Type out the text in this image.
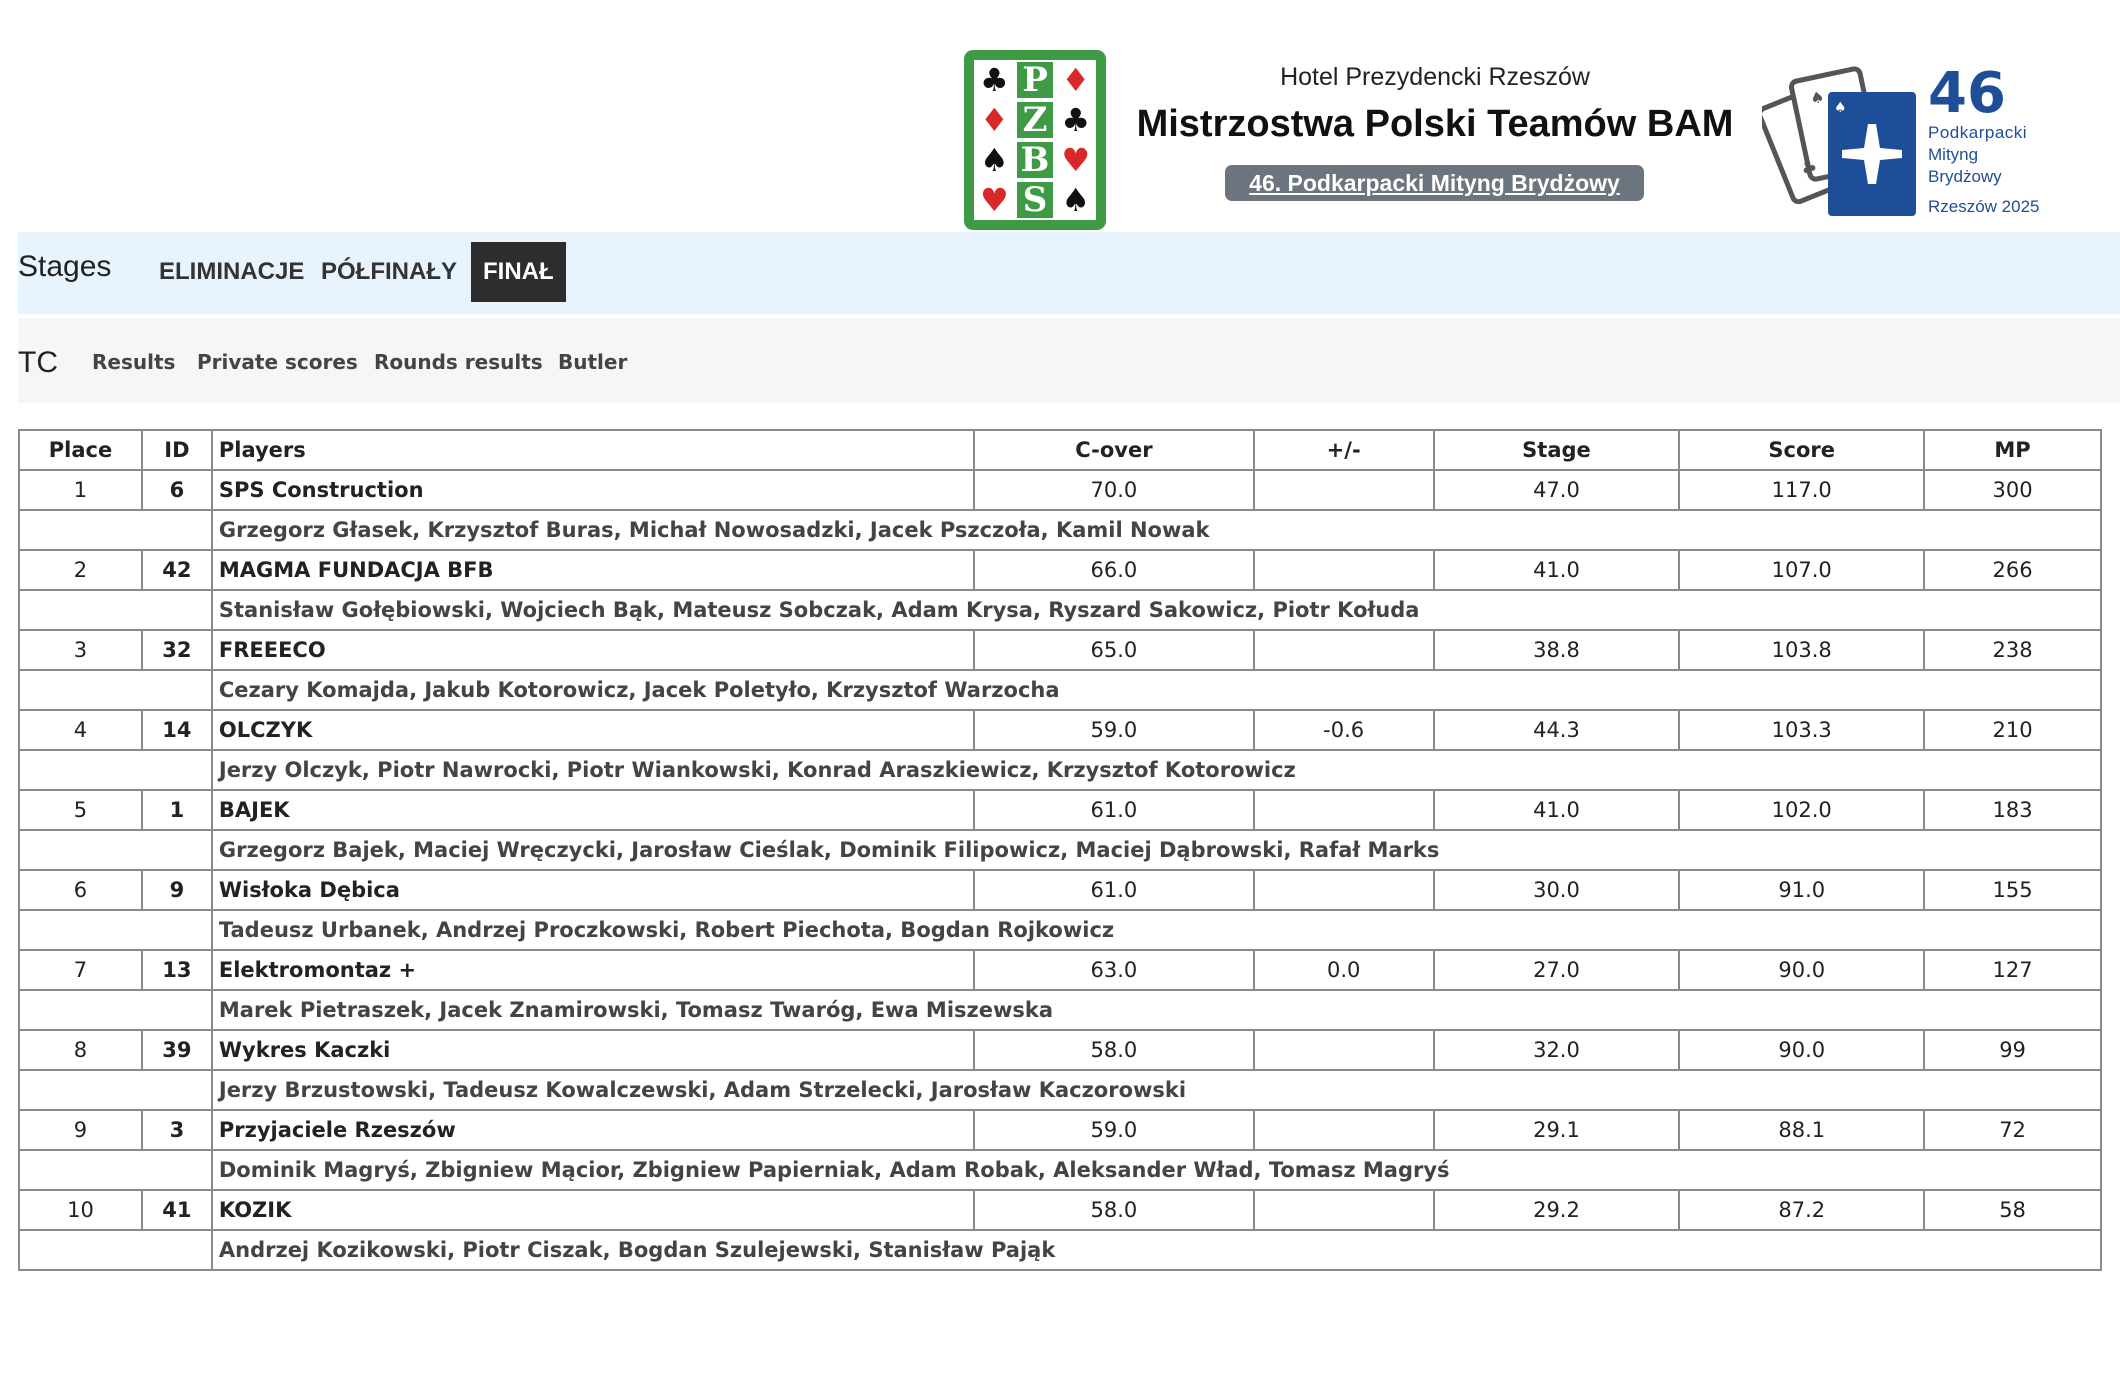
♣ P ♦
♦ Z ♣
♠ B ♥
♥ S ♠
Hotel Prezydencki Rzeszów
Mistrzostwa Polski Teamów BAM
46. Podkarpacki Mityng Brydżowy
♣
♠ ♠ 46
Podkarpacki
Mityng
Brydżowy
Rzeszów 2025
Stages	ELIMINACJE PÓŁFINAŁY	FINAŁ
TC Results Private scores Rounds results Butler
Place	ID	Players	C-over	+/-	Stage	Score	MP
1	6	SPS Construction	70.0		47.0	117.0	300
		Grzegorz Głasek, Krzysztof Buras, Michał Nowosadzki, Jacek Pszczoła, Kamil Nowak					
2	42	MAGMA FUNDACJA BFB	66.0		41.0	107.0	266
		Stanisław Gołębiowski, Wojciech Bąk, Mateusz Sobczak, Adam Krysa, Ryszard Sakowicz, Piotr Kołuda					
3	32	FREEECO	65.0		38.8	103.8	238
		Cezary Komajda, Jakub Kotorowicz, Jacek Poletyło, Krzysztof Warzocha					
4	14	OLCZYK	59.0	-0.6	44.3	103.3	210
		Jerzy Olczyk, Piotr Nawrocki, Piotr Wiankowski, Konrad Araszkiewicz, Krzysztof Kotorowicz					
5	1	BAJEK	61.0		41.0	102.0	183
		Grzegorz Bajek, Maciej Wręczycki, Jarosław Cieślak, Dominik Filipowicz, Maciej Dąbrowski, Rafał Marks					
6	9	Wisłoka Dębica	61.0		30.0	91.0	155
		Tadeusz Urbanek, Andrzej Proczkowski, Robert Piechota, Bogdan Rojkowicz					
7	13	Elektromontaz +	63.0	0.0	27.0	90.0	127
		Marek Pietraszek, Jacek Znamirowski, Tomasz Twaróg, Ewa Miszewska					
8	39	Wykres Kaczki	58.0		32.0	90.0	99
		Jerzy Brzustowski, Tadeusz Kowalczewski, Adam Strzelecki, Jarosław Kaczorowski					
9	3	Przyjaciele Rzeszów	59.0		29.1	88.1	72
		Dominik Magryś, Zbigniew Mącior, Zbigniew Papierniak, Adam Robak, Aleksander Wład, Tomasz Magryś					
10	41	KOZIK	58.0		29.2	87.2	58
		Andrzej Kozikowski, Piotr Ciszak, Bogdan Szulejewski, Stanisław Pająk					
